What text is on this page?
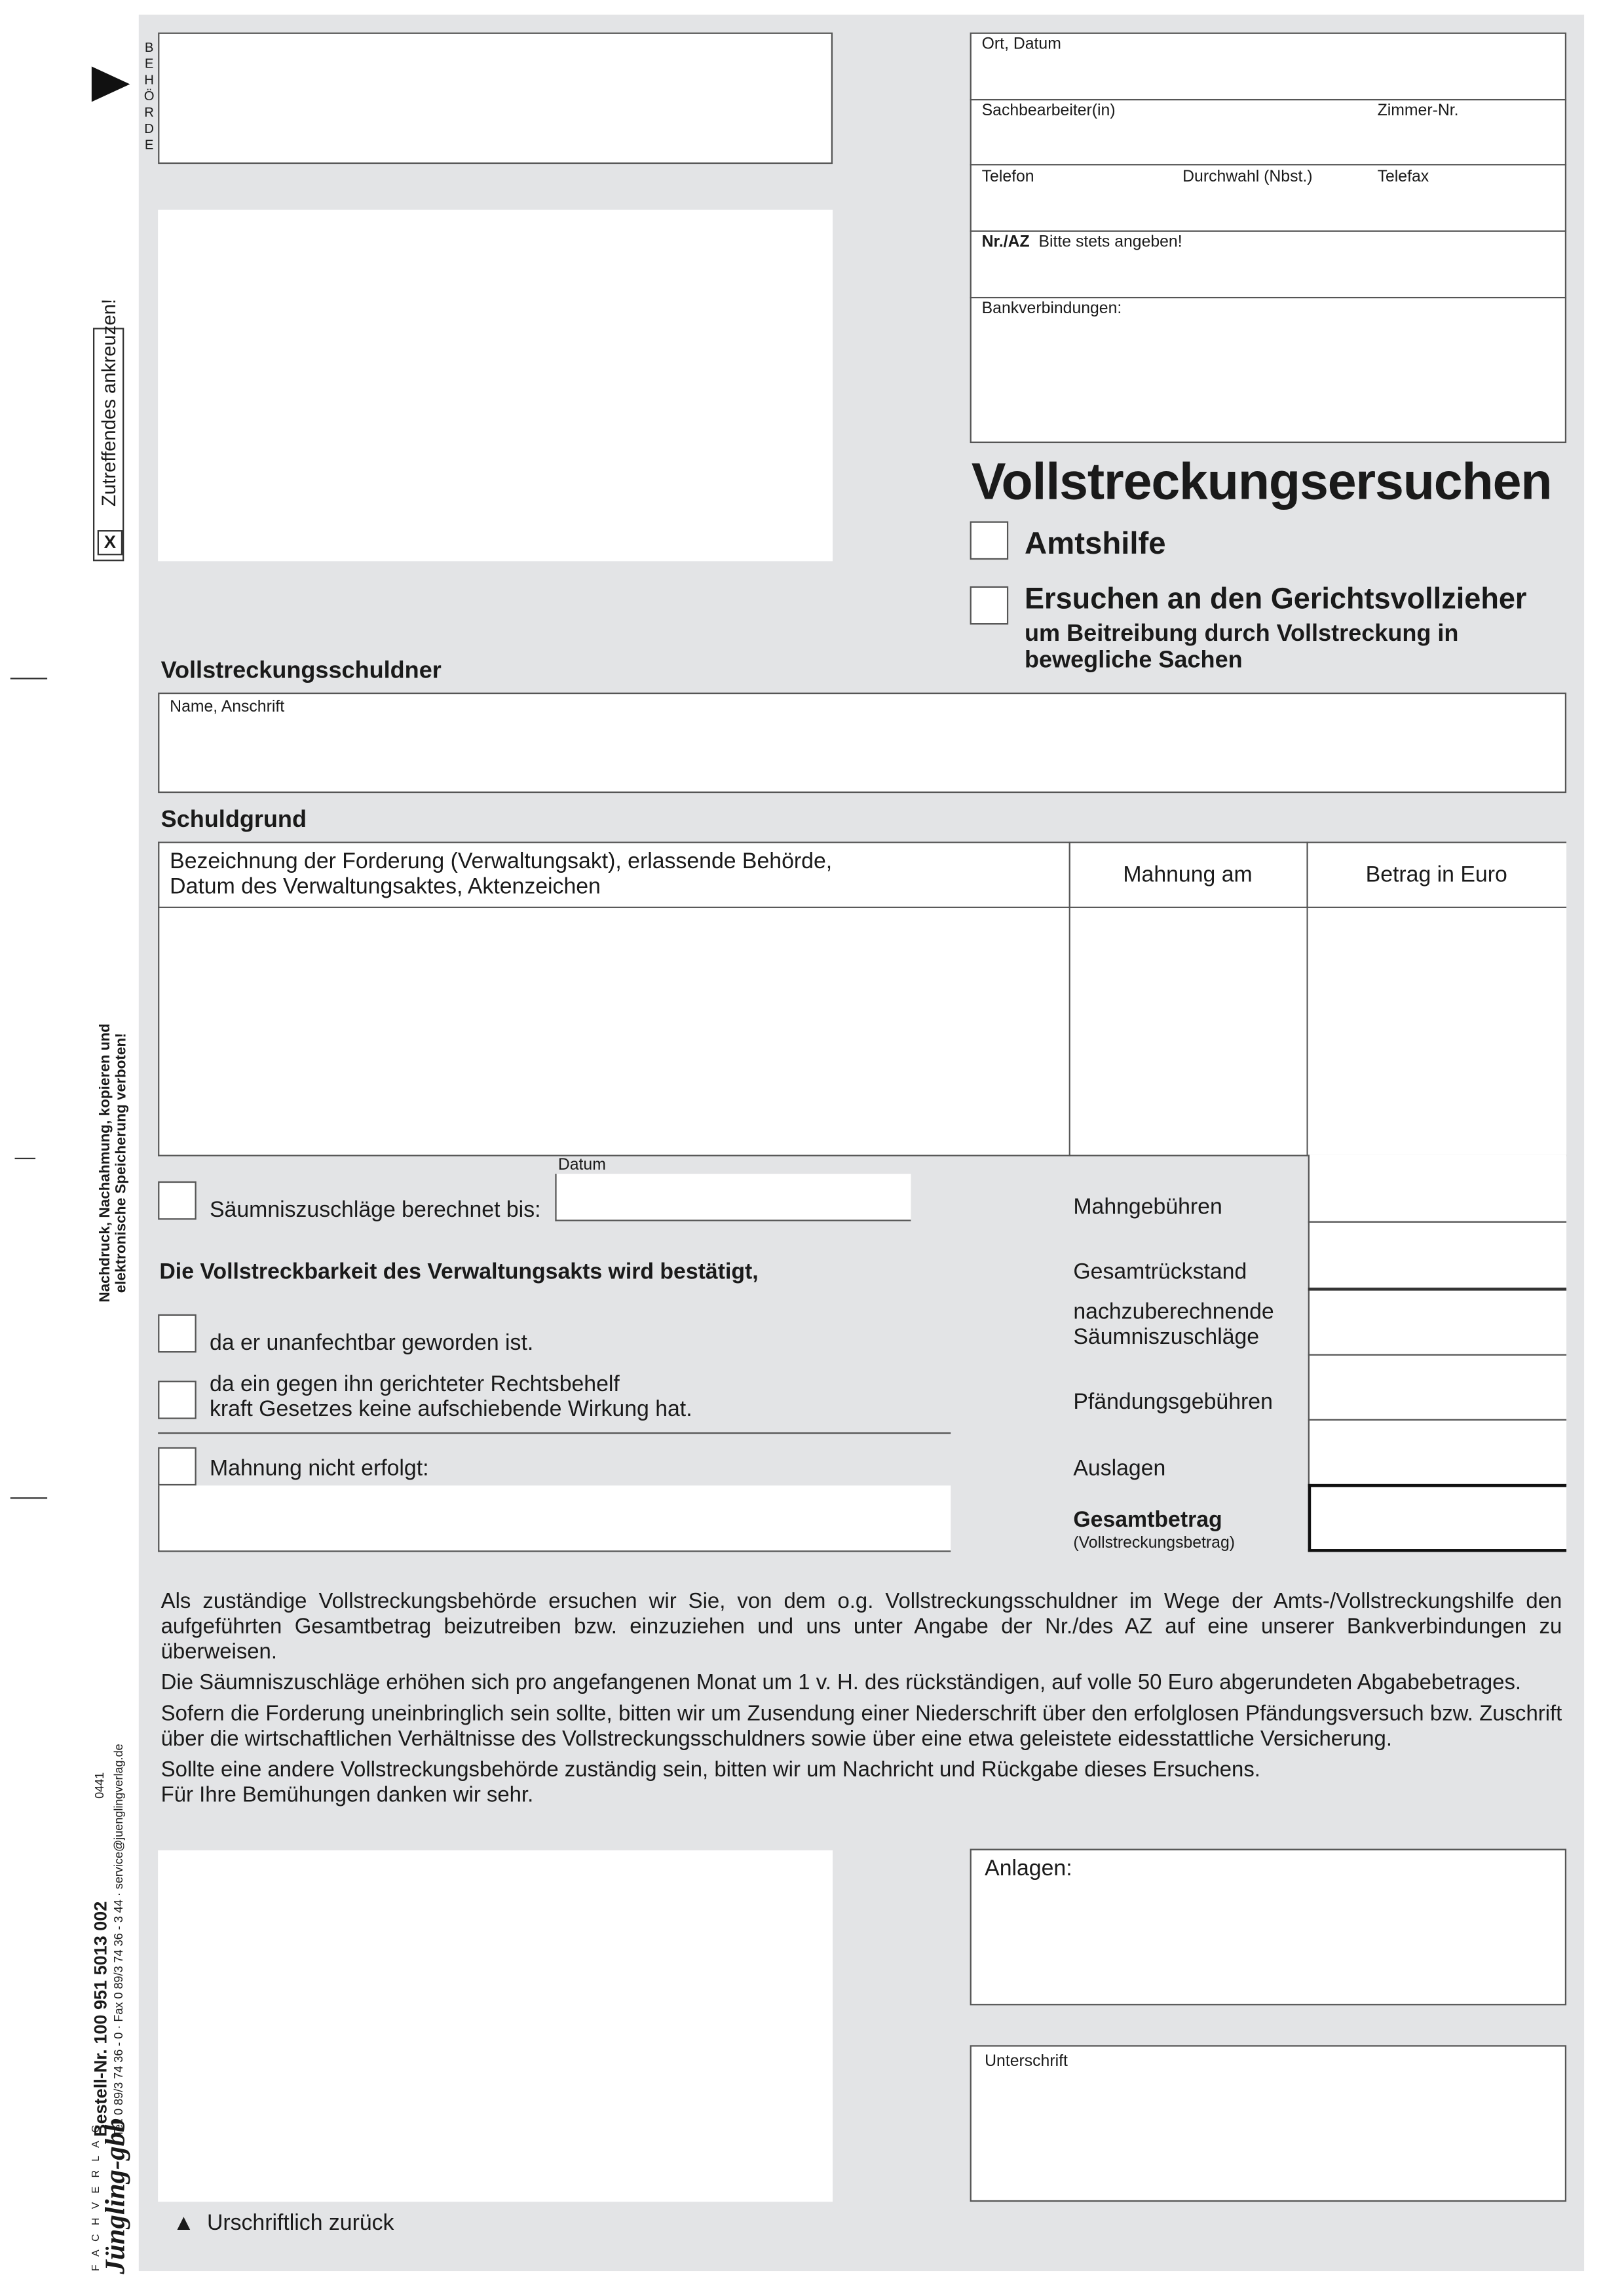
Zutreffendes ankreuzen!
X
Nachdruck, Nachahmung, kopieren und elektronische Speicherung verboten!
F A C H V E R L A G
Jüngling-gbb
Bestell-Nr. 100 951 5013 002 Tel. 0 89/3 74 36 - 0 · Fax 0 89/3 74 36 - 3 44 · service@juenglingverlag.de
0441
B
E
H
Ö
R
D
E
Ort, Datum
Sachbearbeiter(in)	Zimmer-Nr.
Telefon	Durchwahl (Nbst.)	Telefax
Nr./AZ Bitte stets angeben!
Bankverbindungen:
Vollstreckungsersuchen
Amtshilfe
Ersuchen an den Gerichtsvollzieher
um Beitreibung durch Vollstreckung in
bewegliche Sachen
Vollstreckungsschuldner
Name, Anschrift
Schuldgrund
Bezeichnung der Forderung (Verwaltungsakt), erlassende Behörde,
Datum des Verwaltungsaktes, Aktenzeichen	Mahnung am	Betrag in Euro
Mahngebühren
Gesamtrückstand
nachzuberechnende
Säumniszuschläge
Pfändungsgebühren
Auslagen
Gesamtbetrag
(Vollstreckungsbetrag)
Säumniszuschläge berechnet bis:
Datum
Die Vollstreckbarkeit des Verwaltungsakts wird bestätigt,
da er unanfechtbar geworden ist.
da ein gegen ihn gerichteter Rechtsbehelf
kraft Gesetzes keine aufschiebende Wirkung hat.
Mahnung nicht erfolgt:

Als zuständige Vollstreckungsbehörde ersuchen wir Sie, von dem o.g. Vollstreckungsschuldner im Wege der Amts-/Vollstreckungshilfe den aufgeführten Gesamtbetrag beizutreiben bzw. einzuziehen und uns unter Angabe der Nr./des AZ auf eine unserer Bankverbindungen zu überweisen.

Die Säumniszuschläge erhöhen sich pro angefangenen Monat um 1 v. H. des rückständigen, auf volle 50 Euro abgerundeten Abgabebetrages.

Sofern die Forderung uneinbringlich sein sollte, bitten wir um Zusendung einer Niederschrift über den erfolglosen Pfändungsversuch bzw. Zuschrift über die wirtschaftlichen Verhältnisse des Vollstreckungsschuldners sowie über eine etwa geleistete eidesstattliche Versicherung.

Sollte eine andere Vollstreckungsbehörde zuständig sein, bitten wir um Nachricht und Rückgabe dieses Ersuchens.

Für Ihre Bemühungen danken wir sehr.

▲ Urschriftlich zurück
Anlagen:
Unterschrift
